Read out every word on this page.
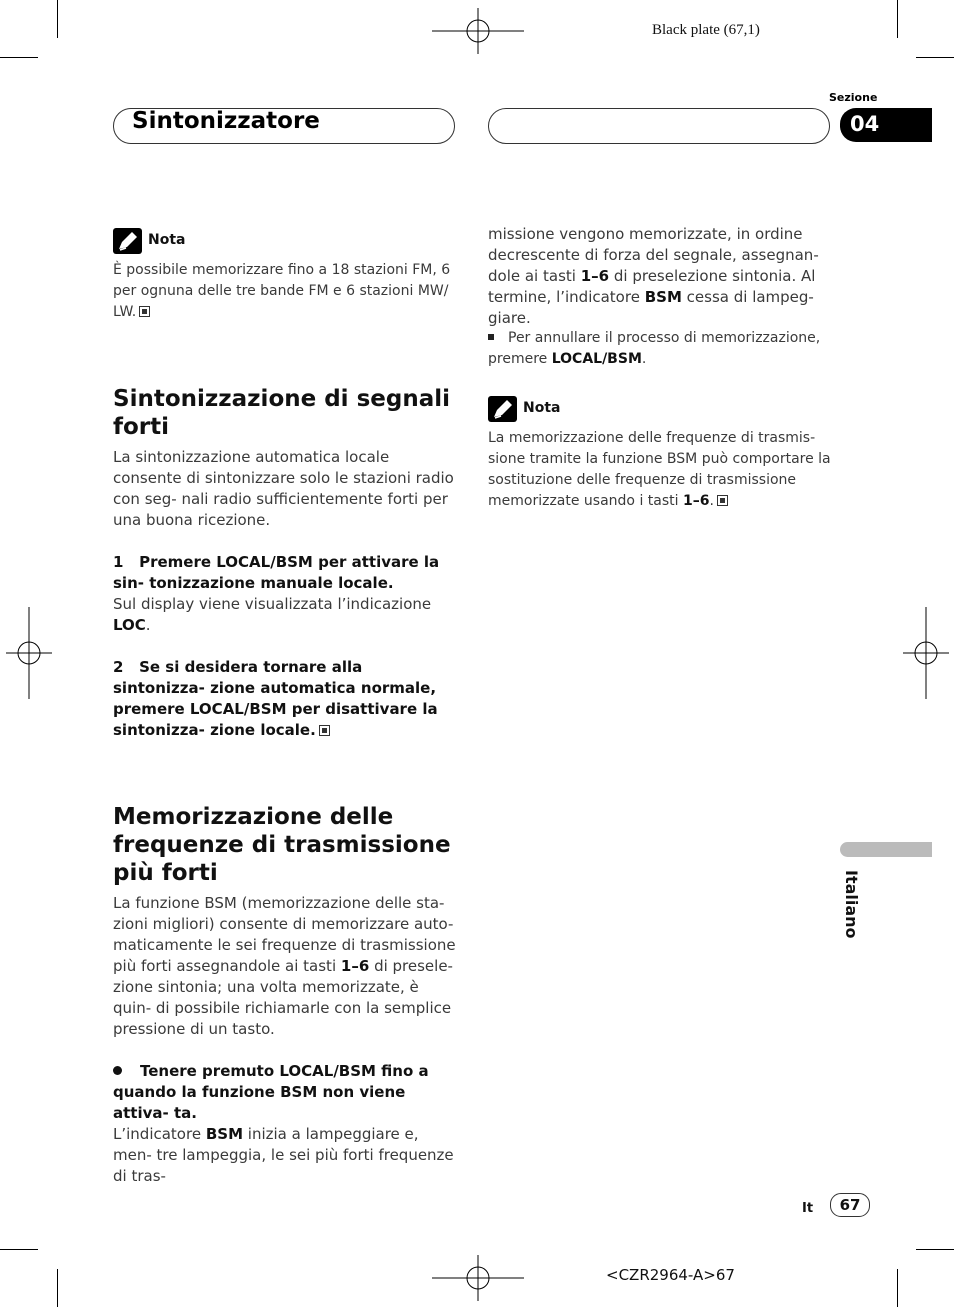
Black plate (67,1)
Sintonizzatore
Sezione
04
Nota
È possibile memorizzare fino a 18 stazioni FM, 6 per ognuna delle tre bande FM e 6 stazioni MW/ LW.
Sintonizzazione di segnali forti
La sintonizzazione automatica locale consente di sintonizzare solo le stazioni radio con seg- nali radio sufficientemente forti per una buona ricezione.
1 Premere LOCAL/BSM per attivare la sin- tonizzazione manuale locale.
Sul display viene visualizzata l’indicazione
LOC.
2 Se si desidera tornare alla sintonizza- zione automatica normale, premere LOCAL/BSM per disattivare la sintonizza- zione locale.
Memorizzazione delle frequenze di trasmissione più forti
La funzione BSM (memorizzazione delle sta- zioni migliori) consente di memorizzare auto- maticamente le sei frequenze di trasmissione più forti assegnandole ai tasti 1–6 di presele- zione sintonia; una volta memorizzate, è quin- di possibile richiamarle con la semplice pressione di un tasto.
Tenere premuto LOCAL/BSM fino a quando la funzione BSM non viene attiva- ta.
L’indicatore BSM inizia a lampeggiare e, men- tre lampeggia, le sei più forti frequenze di tras-
missione vengono memorizzate, in ordine decrescente di forza del segnale, assegnan- dole ai tasti 1–6 di preselezione sintonia. Al termine, l’indicatore BSM cessa di lampeg- giare.
Per annullare il processo di memorizzazione, premere LOCAL/BSM.
Nota
La memorizzazione delle frequenze di trasmis- sione tramite la funzione BSM può comportare la sostituzione delle frequenze di trasmissione memorizzate usando i tasti 1–6.
Italiano
It	67
<CZR2964-A>67
